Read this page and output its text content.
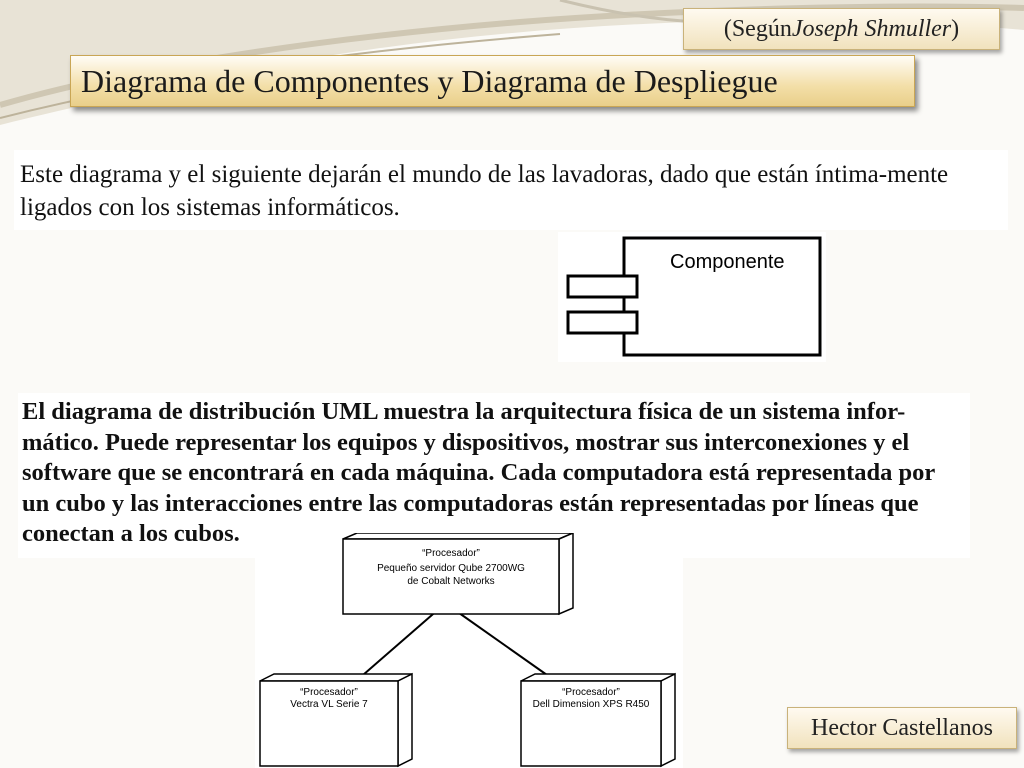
(Según Joseph Shmuller )
Diagrama de Componentes y Diagrama de Despliegue

Este diagrama y el siguiente dejarán el mundo de las lavadoras, dado que están íntima-mente ligados con los sistemas informáticos.

Componente

El diagrama de distribución UML muestra la arquitectura física de un sistema infor-mático. Puede representar los equipos y dispositivos, mostrar sus interconexiones y el software que se encontrará en cada máquina. Cada computadora está representada por un cubo y las interacciones entre las computadoras están representadas por líneas que conectan a los cubos.

“Procesador”
Pequeño servidor Qube 2700WG
de Cobalt Networks
“Procesador”
Vectra VL Serie 7
“Procesador”
Dell Dimension XPS R450
Hector Castellanos
